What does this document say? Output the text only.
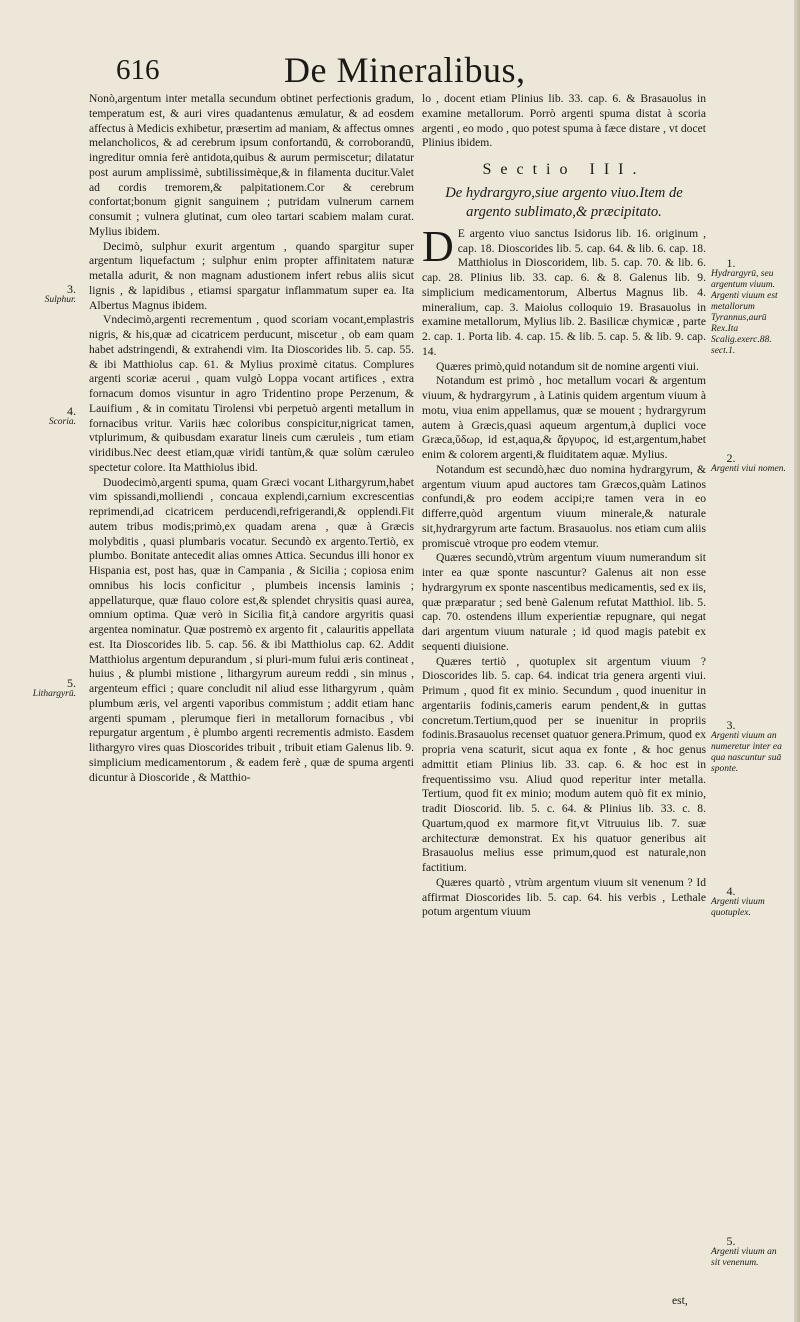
616	De Mineralibus,

Nonò,argentum inter metalla secundum obtinet perfectionis gradum, temperatum est, & auri vires quadantenus æmulatur, & ad eosdem affectus à Medicis exhibetur, præsertim ad maniam, & affectus omnes melancholicos, & ad cerebrum ipsum confortandū, & corroborandū, ingreditur omnia ferè antidota,quibus & aurum permiscetur; dilatatur post aurum amplissimè, subtilissimèque,& in filamenta ducitur.Valet ad cordis tremorem,& palpitationem.Cor & cerebrum confortat;bonum gignit sanguinem ; putridam vulnerum carnem consumit ; vulnera glutinat, cum oleo tartari scabiem malam curat. Mylius ibidem.

Decimò, sulphur exurit argentum , quando spargitur super argentum liquefactum ; sulphur enim propter affinitatem naturæ metalla adurit, & non magnam adustionem infert rebus aliis sicut lignis , & lapidibus , etiamsi spargatur inflammatum super ea. Ita Albertus Magnus ibidem.

Vndecimò,argenti recrementum , quod scoriam vocant,emplastris nigris, & his,quæ ad cicatricem perducunt, miscetur , ob eam quam habet adstringendi, & extrahendi vim. Ita Dioscorides lib. 5. cap. 55. & ibi Matthiolus cap. 61. & Mylius proximè citatus. Complures argenti scoriæ acerui , quam vulgò Loppa vocant artifices , extra fornacum domos visuntur in agro Tridentino prope Perzenum, & Lauifium , & in comitatu Tirolensi vbi perpetuò argenti metallum in fornacibus vritur. Variis hæc coloribus conspicitur,nigricat tamen, vtplurimum, & quibusdam exaratur lineis cum cæruleis , tum etiam viridibus.Nec deest etiam,quæ viridi tantùm,& quæ solùm cæruleo spectetur colore. Ita Matthiolus ibid.

Duodecimò,argenti spuma, quam Græci vocant Lithargyrum,habet vim spissandi,molliendi , concauа explendi,carnium excrescentias reprimendi,ad cicatricem perducendi,refrigerandi,& opplendi.Fit autem tribus modis;primò,ex quadam arena , quæ à Græcis molybditis , quasi plumbaris vocatur. Secundò ex argento.Tertiò, ex plumbo. Bonitate antecedit alias omnes Attica. Secundus illi honor ex Hispania est, post has, quæ in Campania , & Sicilia ; copiosa enim omnibus his locis conficitur , plumbeis incensis laminis ; appellaturque, quæ flauo colore est,& splendet chrysitis quasi aurea, omnium optima. Quæ verò in Sicilia fit,à candore argyritis quasi argentea nominatur. Quæ postremò ex argento fit , calauritis appellata est. Ita Dioscorides lib. 5. cap. 56. & ibi Matthiolus cap. 62. Addit Matthiolus argentum depurandum , si pluri-mum fului æris contineat , huius , & plumbi mistione , lithargyrum aureum reddi , sin minus , argenteum effici ; quare concludit nil aliud esse lithargyrum , quàm plumbum æris, vel argenti vaporibus commistum ; addit etiam hanc argenti spumam , plerumque fieri in metallorum fornacibus , vbi repurgatur argentum , è plumbo argenti recrementis admisto. Easdem lithargyro vires quas Dioscorides tribuit , tribuit etiam Galenus lib. 9. simplicium medicamentorum , & eadem ferè , quæ de spuma argenti dicuntur à Dioscoride , & Matthio-

lo , docent etiam Plinius lib. 33. cap. 6. & Brasauolus in examine metallorum. Porrò argenti spuma distat à scoria argenti , eo modo , quo potest spuma à fæce distare , vt docet Plinius ibidem.

Sectio III.
De hydrargyro,siue argento viuo.Item de argento sublimato,& præcipitato.

D E argento viuo sanctus Isidorus lib. 16. originum , cap. 18. Dioscorides lib. 5. cap. 64. & lib. 6. cap. 18. Matthiolus in Dioscoridem, lib. 5. cap. 70. & lib. 6. cap. 28. Plinius lib. 33. cap. 6. & 8. Galenus lib. 9. simplicium medicamentorum, Albertus Magnus lib. 4. mineralium, cap. 3. Maiolus colloquio 19. Brasauolus in examine metallorum, Mylius lib. 2. Basilicæ chymicæ , parte 2. cap. 1. Porta lib. 4. cap. 15. & lib. 5. cap. 5. & lib. 9. cap. 14.

Quæres primò,quid notandum sit de nomine argenti viui.

Notandum est primò , hoc metallum vocari & argentum viuum, & hydrargyrum , à Latinis quidem argentum viuum à motu, viua enim appellamus, quæ se mouent ; hydrargyrum autem à Græcis,quasi aqueum argentum,à duplici voce Græca,ὕδωρ, id est,aqua,& ἄργυρος, id est,argentum,habet enim & colorem argenti,& fluiditatem aquæ. Mylius.

Notandum est secundò,hæc duo nomina hydrargyrum, & argentum viuum apud auctores tam Græcos,quàm Latinos confundi,& pro eodem accipi;re tamen vera in eo differre,quòd argentum viuum minerale,& naturale sit,hydrargyrum arte factum. Brasauolus. nos etiam cum aliis promiscuè vtroque pro eodem vtemur.

Quæres secundò,vtrùm argentum viuum numerandum sit inter ea quæ sponte nascuntur? Galenus ait non esse hydrargyrum ex sponte nascentibus medicamentis, sed ex iis, quæ præparatur ; sed benè Galenum refutat Matthiol. lib. 5. cap. 70. ostendens illum experientiæ repugnare, qui negat dari argentum viuum naturale ; id quod magis patebit ex sequenti diuisione.

Quæres tertiò , quotuplex sit argentum viuum ? Dioscorides lib. 5. cap. 64. indicat tria genera argenti viui. Primum , quod fit ex minio. Secundum , quod inuenitur in argentariis fodinis,cameris earum pendent,& in guttas concretum.Tertium,quod per se inuenitur in propriis fodinis.Brasauolus recenset quatuor genera.Primum, quod ex propria vena scaturit, sicut aqua ex fonte , & hoc genus admittit etiam Plinius lib. 33. cap. 6. & hoc est in frequentissimo vsu. Aliud quod reperitur inter metalla. Tertium, quod fit ex minio; modum autem quò fit ex minio, tradit Dioscorid. lib. 5. c. 64. & Plinius lib. 33. c. 8. Quartum,quod ex marmore fit,vt Vitruuius lib. 7. suæ architecturæ demonstrat. Ex his quatuor generibus ait Brasauolus melius esse primum,quod est naturale,non factitium.

Quæres quartò , vtrùm argentum viuum sit venenum ? Id affirmat Dioscorides lib. 5. cap. 64. his verbis , Lethale potum argentum viuum

3.
Sulphur.
4.
Scoria.
5.
Lithargyrū.
1.
Hydrargyrū, seu argentum viuum. Argenti viuum est metallorum Tyrannus,aurū Rex.Ita Scalig.exerc.88. sect.1.
2.
Argenti viui nomen.
3.
Argenti viuum an numeretur inter ea qua nascuntur suā sponte.
4.
Argenti viuum quotuplex.
5.
Argenti viuum an sit venenum.
est,
